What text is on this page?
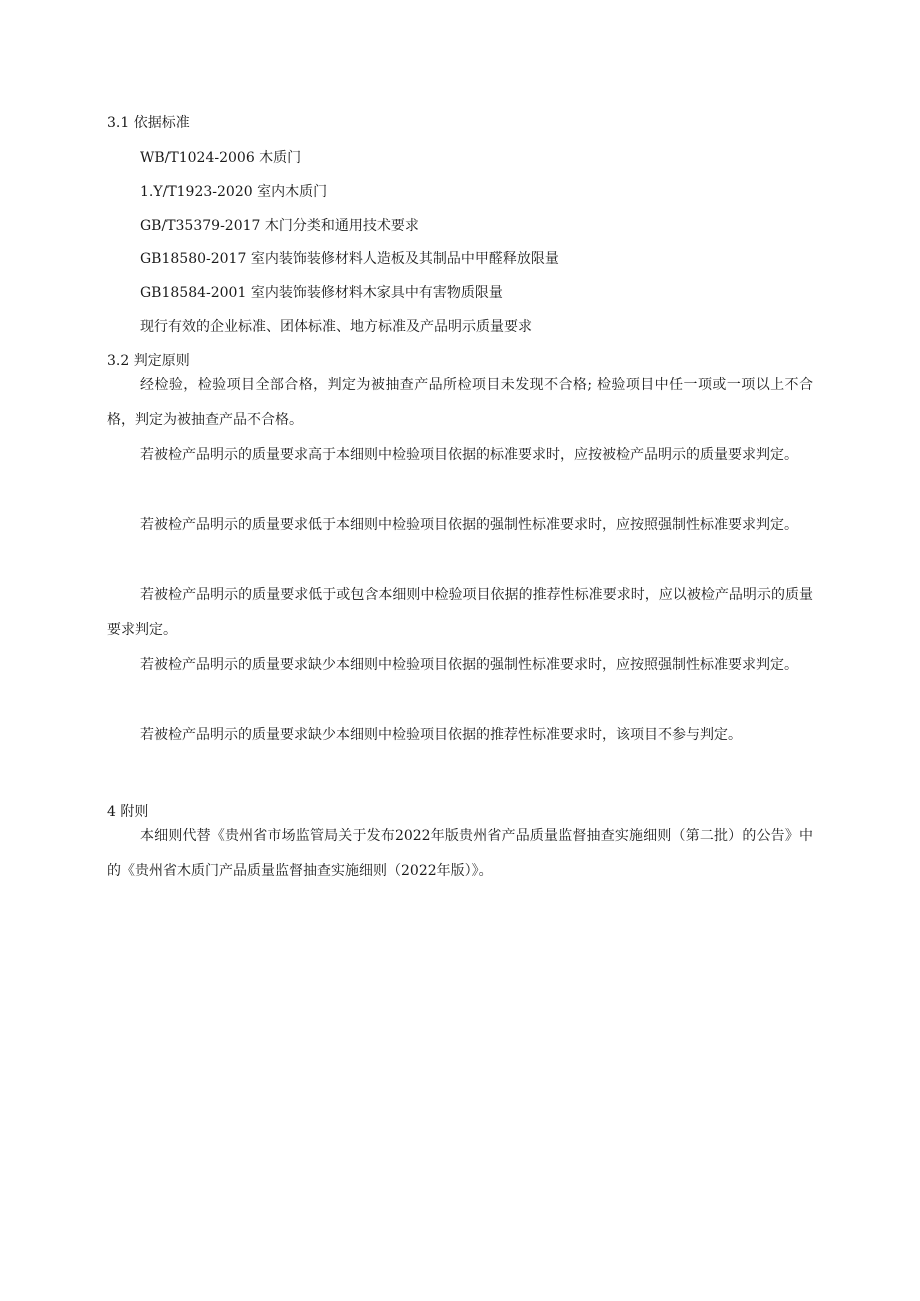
3.1 依据标准
WB/T1024-2006 木质门
1.Y/T1923-2020 室内木质门
GB/T35379-2017 木门分类和通用技术要求
GB18580-2017 室内装饰装修材料人造板及其制品中甲醛释放限量
GB18584-2001 室内装饰装修材料木家具中有害物质限量
现行有效的企业标准、团体标准、地方标准及产品明示质量要求
3.2 判定原则
经检验，检验项目全部合格，判定为被抽查产品所检项目未发现不合格; 检验项目中任一项或一项以上不合格，判定为被抽查产品不合格。
若被检产品明示的质量要求高于本细则中检验项目依据的标准要求时，应按被检产品明示的质量要求判定。
若被检产品明示的质量要求低于本细则中检验项目依据的强制性标准要求时，应按照强制性标准要求判定。
若被检产品明示的质量要求低于或包含本细则中检验项目依据的推荐性标准要求时，应以被检产品明示的质量要求判定。
若被检产品明示的质量要求缺少本细则中检验项目依据的强制性标准要求时，应按照强制性标准要求判定。
若被检产品明示的质量要求缺少本细则中检验项目依据的推荐性标准要求时，该项目不参与判定。
4 附则
本细则代替《贵州省市场监管局关于发布2022年版贵州省产品质量监督抽查实施细则（第二批）的公告》中的《贵州省木质门产品质量监督抽查实施细则（2022年版）》。
